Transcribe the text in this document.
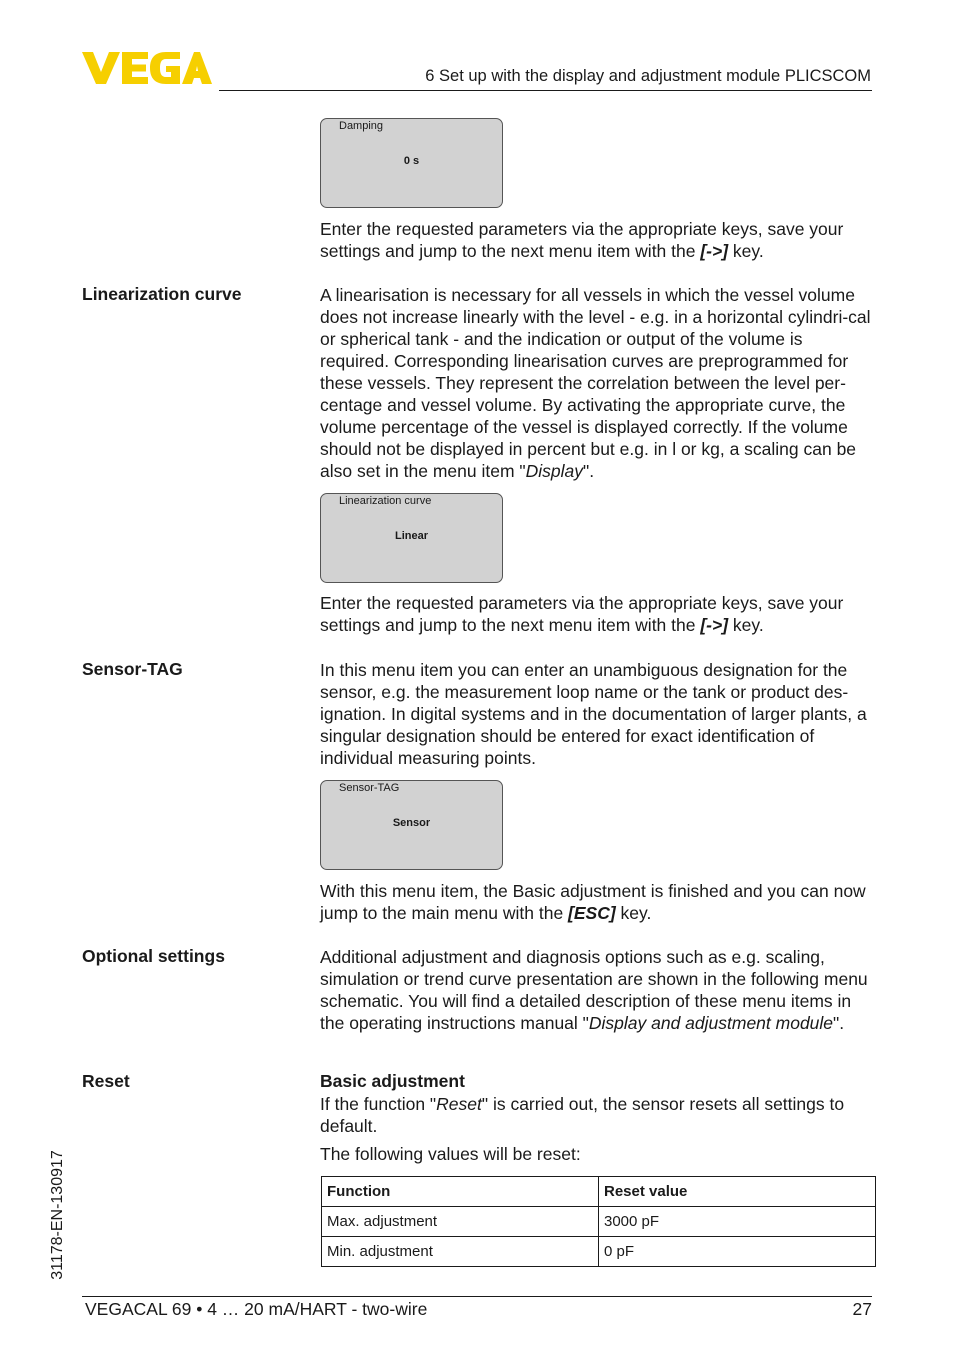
6 Set up with the display and adjustment module PLICSCOM
Damping
0 s

Enter the requested parameters via the appropriate keys, save your settings and jump to the next menu item with the [->] key.

Linearization curve	A linearisation is necessary for all vessels in which the vessel volume does not increase linearly with the level - e.g. in a horizontal cylindri-cal or spherical tank - and the indication or output of the volume is required. Corresponding linearisation curves are preprogrammed for these vessels. They represent the correlation between the level per-centage and vessel volume. By activating the appropriate curve, the volume percentage of the vessel is displayed correctly. If the volume should not be displayed in percent but e.g. in l or kg, a scaling can be also set in the menu item "Display".

Linearization curve
Linear

Enter the requested parameters via the appropriate keys, save your settings and jump to the next menu item with the [->] key.

Sensor-TAG	In this menu item you can enter an unambiguous designation for the sensor, e.g. the measurement loop name or the tank or product des-ignation. In digital systems and in the documentation of larger plants, a singular designation should be entered for exact identification of individual measuring points.

Sensor-TAG
Sensor

With this menu item, the Basic adjustment is finished and you can now jump to the main menu with the [ESC] key.

Optional settings	Additional adjustment and diagnosis options such as e.g. scaling, simulation or trend curve presentation are shown in the following menu schematic. You will find a detailed description of these menu items in the operating instructions manual "Display and adjustment module".

Reset	Basic adjustment

If the function "Reset" is carried out, the sensor resets all settings to default.

The following values will be reset:

Function	Reset value
Max. adjustment	3000 pF
Min. adjustment	0 pF
31178-EN-130917
VEGACAL 69 • 4 … 20 mA/HART - two-wire	27
